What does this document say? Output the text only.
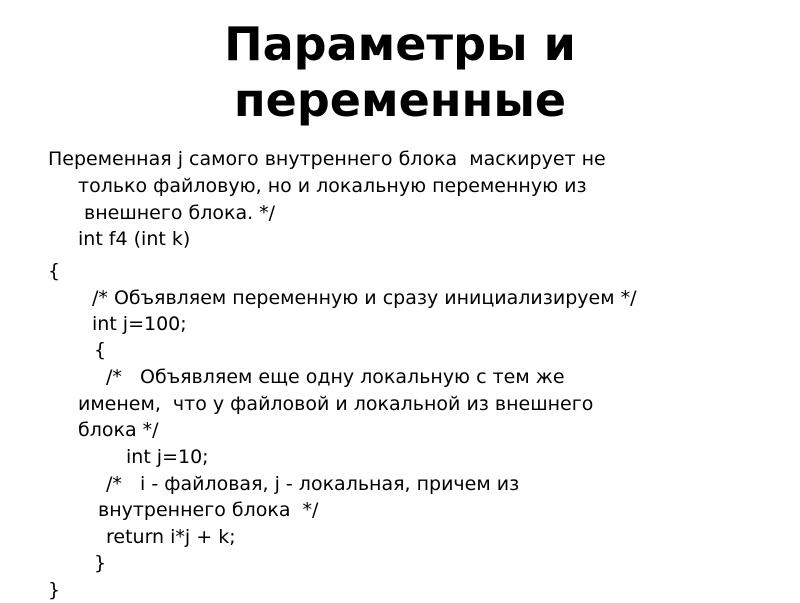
Параметры и
переменные
Переменная j самого внутреннего блока  маскирует не
только файловую, но и локальную переменную из
внешнего блока. */
int f4 (int k)
{
/* Объявляем переменную и сразу инициализируем */
int j=100;
{
/*   Объявляем еще одну локальную с тем же
именем,  что у файловой и локальной из внешнего
блока */
int j=10;
/*   i - файловая, j - локальная, причем из
внутреннего блока  */
return i*j + k;
}
}
